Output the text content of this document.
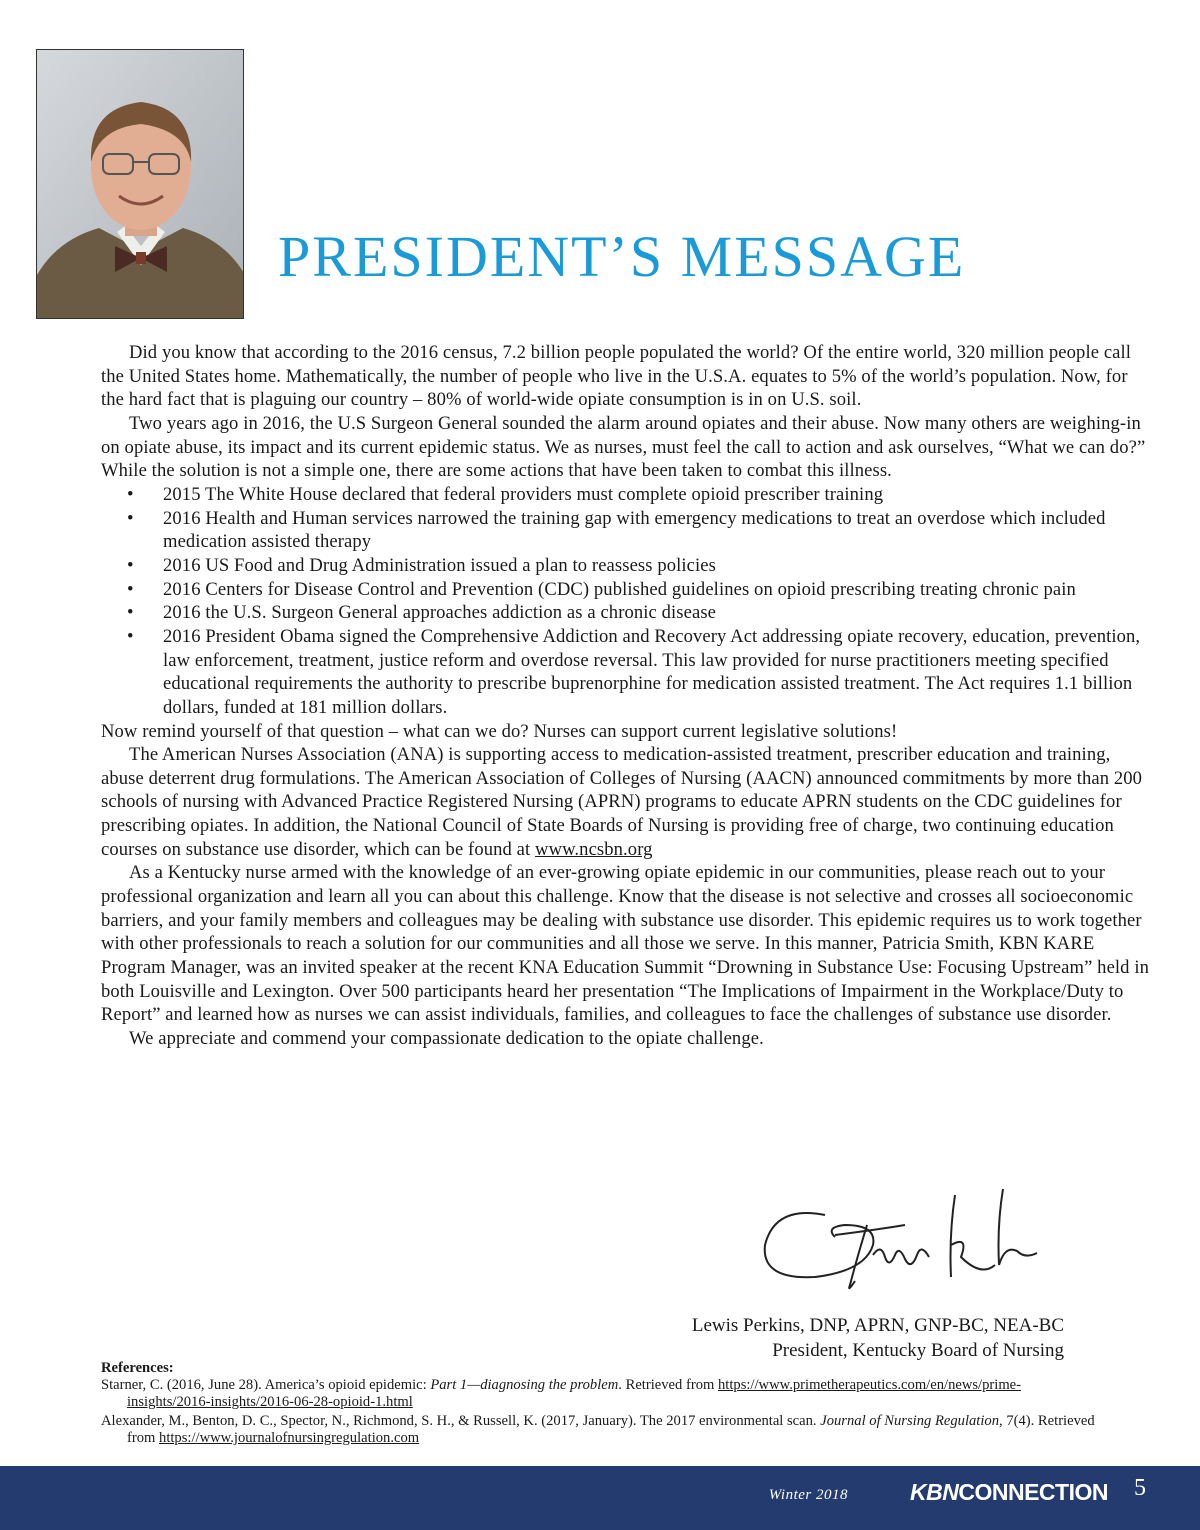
PRESIDENT’S MESSAGE

Did you know that according to the 2016 census, 7.2 billion people populated the world? Of the entire world, 320 million people call the United States home. Mathematically, the number of people who live in the U.S.A. equates to 5% of the world’s population. Now, for the hard fact that is plaguing our country – 80% of world-wide opiate consumption is in on U.S. soil.

Two years ago in 2016, the U.S Surgeon General sounded the alarm around opiates and their abuse. Now many others are weighing-in on opiate abuse, its impact and its current epidemic status. We as nurses, must feel the call to action and ask ourselves, “What we can do?” While the solution is not a simple one, there are some actions that have been taken to combat this illness.

• 2015 The White House declared that federal providers must complete opioid prescriber training
• 2016 Health and Human services narrowed the training gap with emergency medications to treat an overdose which included medication assisted therapy
• 2016 US Food and Drug Administration issued a plan to reassess policies
• 2016 Centers for Disease Control and Prevention (CDC) published guidelines on opioid prescribing treating chronic pain
• 2016 the U.S. Surgeon General approaches addiction as a chronic disease
• 2016 President Obama signed the Comprehensive Addiction and Recovery Act addressing opiate recovery, education, prevention, law enforcement, treatment, justice reform and overdose reversal. This law provided for nurse practitioners meeting specified educational requirements the authority to prescribe buprenorphine for medication assisted treatment. The Act requires 1.1 billion dollars, funded at 181 million dollars.

Now remind yourself of that question – what can we do? Nurses can support current legislative solutions!

The American Nurses Association (ANA) is supporting access to medication-assisted treatment, prescriber education and training, abuse deterrent drug formulations. The American Association of Colleges of Nursing (AACN) announced commitments by more than 200 schools of nursing with Advanced Practice Registered Nursing (APRN) programs to educate APRN students on the CDC guidelines for prescribing opiates. In addition, the National Council of State Boards of Nursing is providing free of charge, two continuing education courses on substance use disorder, which can be found at www.ncsbn.org

As a Kentucky nurse armed with the knowledge of an ever-growing opiate epidemic in our communities, please reach out to your professional organization and learn all you can about this challenge. Know that the disease is not selective and crosses all socioeconomic barriers, and your family members and colleagues may be dealing with substance use disorder. This epidemic requires us to work together with other professionals to reach a solution for our communities and all those we serve. In this manner, Patricia Smith, KBN KARE Program Manager, was an invited speaker at the recent KNA Education Summit “Drowning in Substance Use: Focusing Upstream” held in both Louisville and Lexington. Over 500 participants heard her presentation “The Implications of Impairment in the Workplace/Duty to Report” and learned how as nurses we can assist individuals, families, and colleagues to face the challenges of substance use disorder.

We appreciate and commend your compassionate dedication to the opiate challenge.

Lewis Perkins, DNP, APRN, GNP-BC, NEA-BC
President, Kentucky Board of Nursing

References:

Starner, C. (2016, June 28). America’s opioid epidemic: Part 1—diagnosing the problem. Retrieved from https://www.primetherapeutics.com/en/news/prime-insights/2016-insights/2016-06-28-opioid-1.html

Alexander, M., Benton, D. C., Spector, N., Richmond, S. H., & Russell, K. (2017, January). The 2017 environmental scan. Journal of Nursing Regulation, 7(4). Retrieved from https://www.journalofnursingregulation.com

Winter 2018	KBNCONNECTION 5
